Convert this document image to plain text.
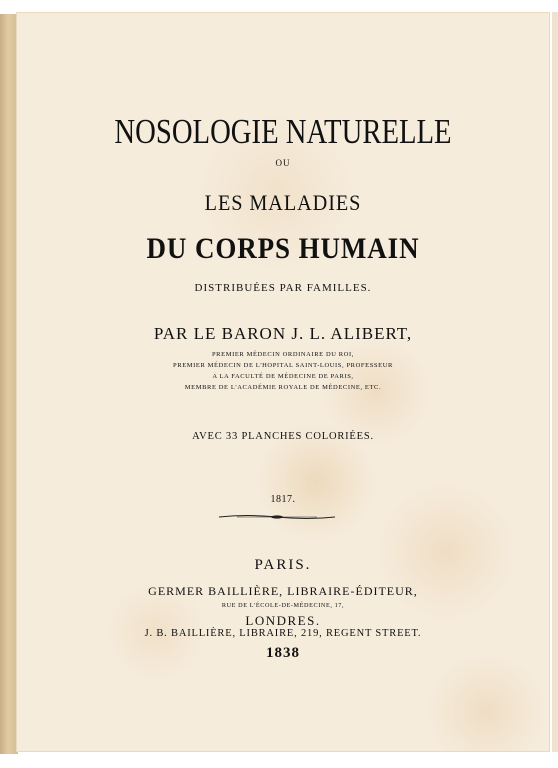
NOSOLOGIE NATURELLE
OU
LES MALADIES
DU CORPS HUMAIN
DISTRIBUÉES PAR FAMILLES.
PAR LE BARON J. L. ALIBERT,
PREMIER MÉDECIN ORDINAIRE DU ROI,
PREMIER MÉDECIN DE L'HOPITAL SAINT-LOUIS, PROFESSEUR
A LA FACULTÉ DE MÉDECINE DE PARIS,
MEMBRE DE L'ACADÉMIE ROYALE DE MÉDECINE, ETC.
AVEC 33 PLANCHES COLORIÉES.
1817.
PARIS.
GERMER BAILLIÈRE, LIBRAIRE-ÉDITEUR,
RUE DE L'ÉCOLE-DE-MÉDECINE, 17,
LONDRES.
J. B. BAILLIÈRE, LIBRAIRE, 219, REGENT STREET.
1838
